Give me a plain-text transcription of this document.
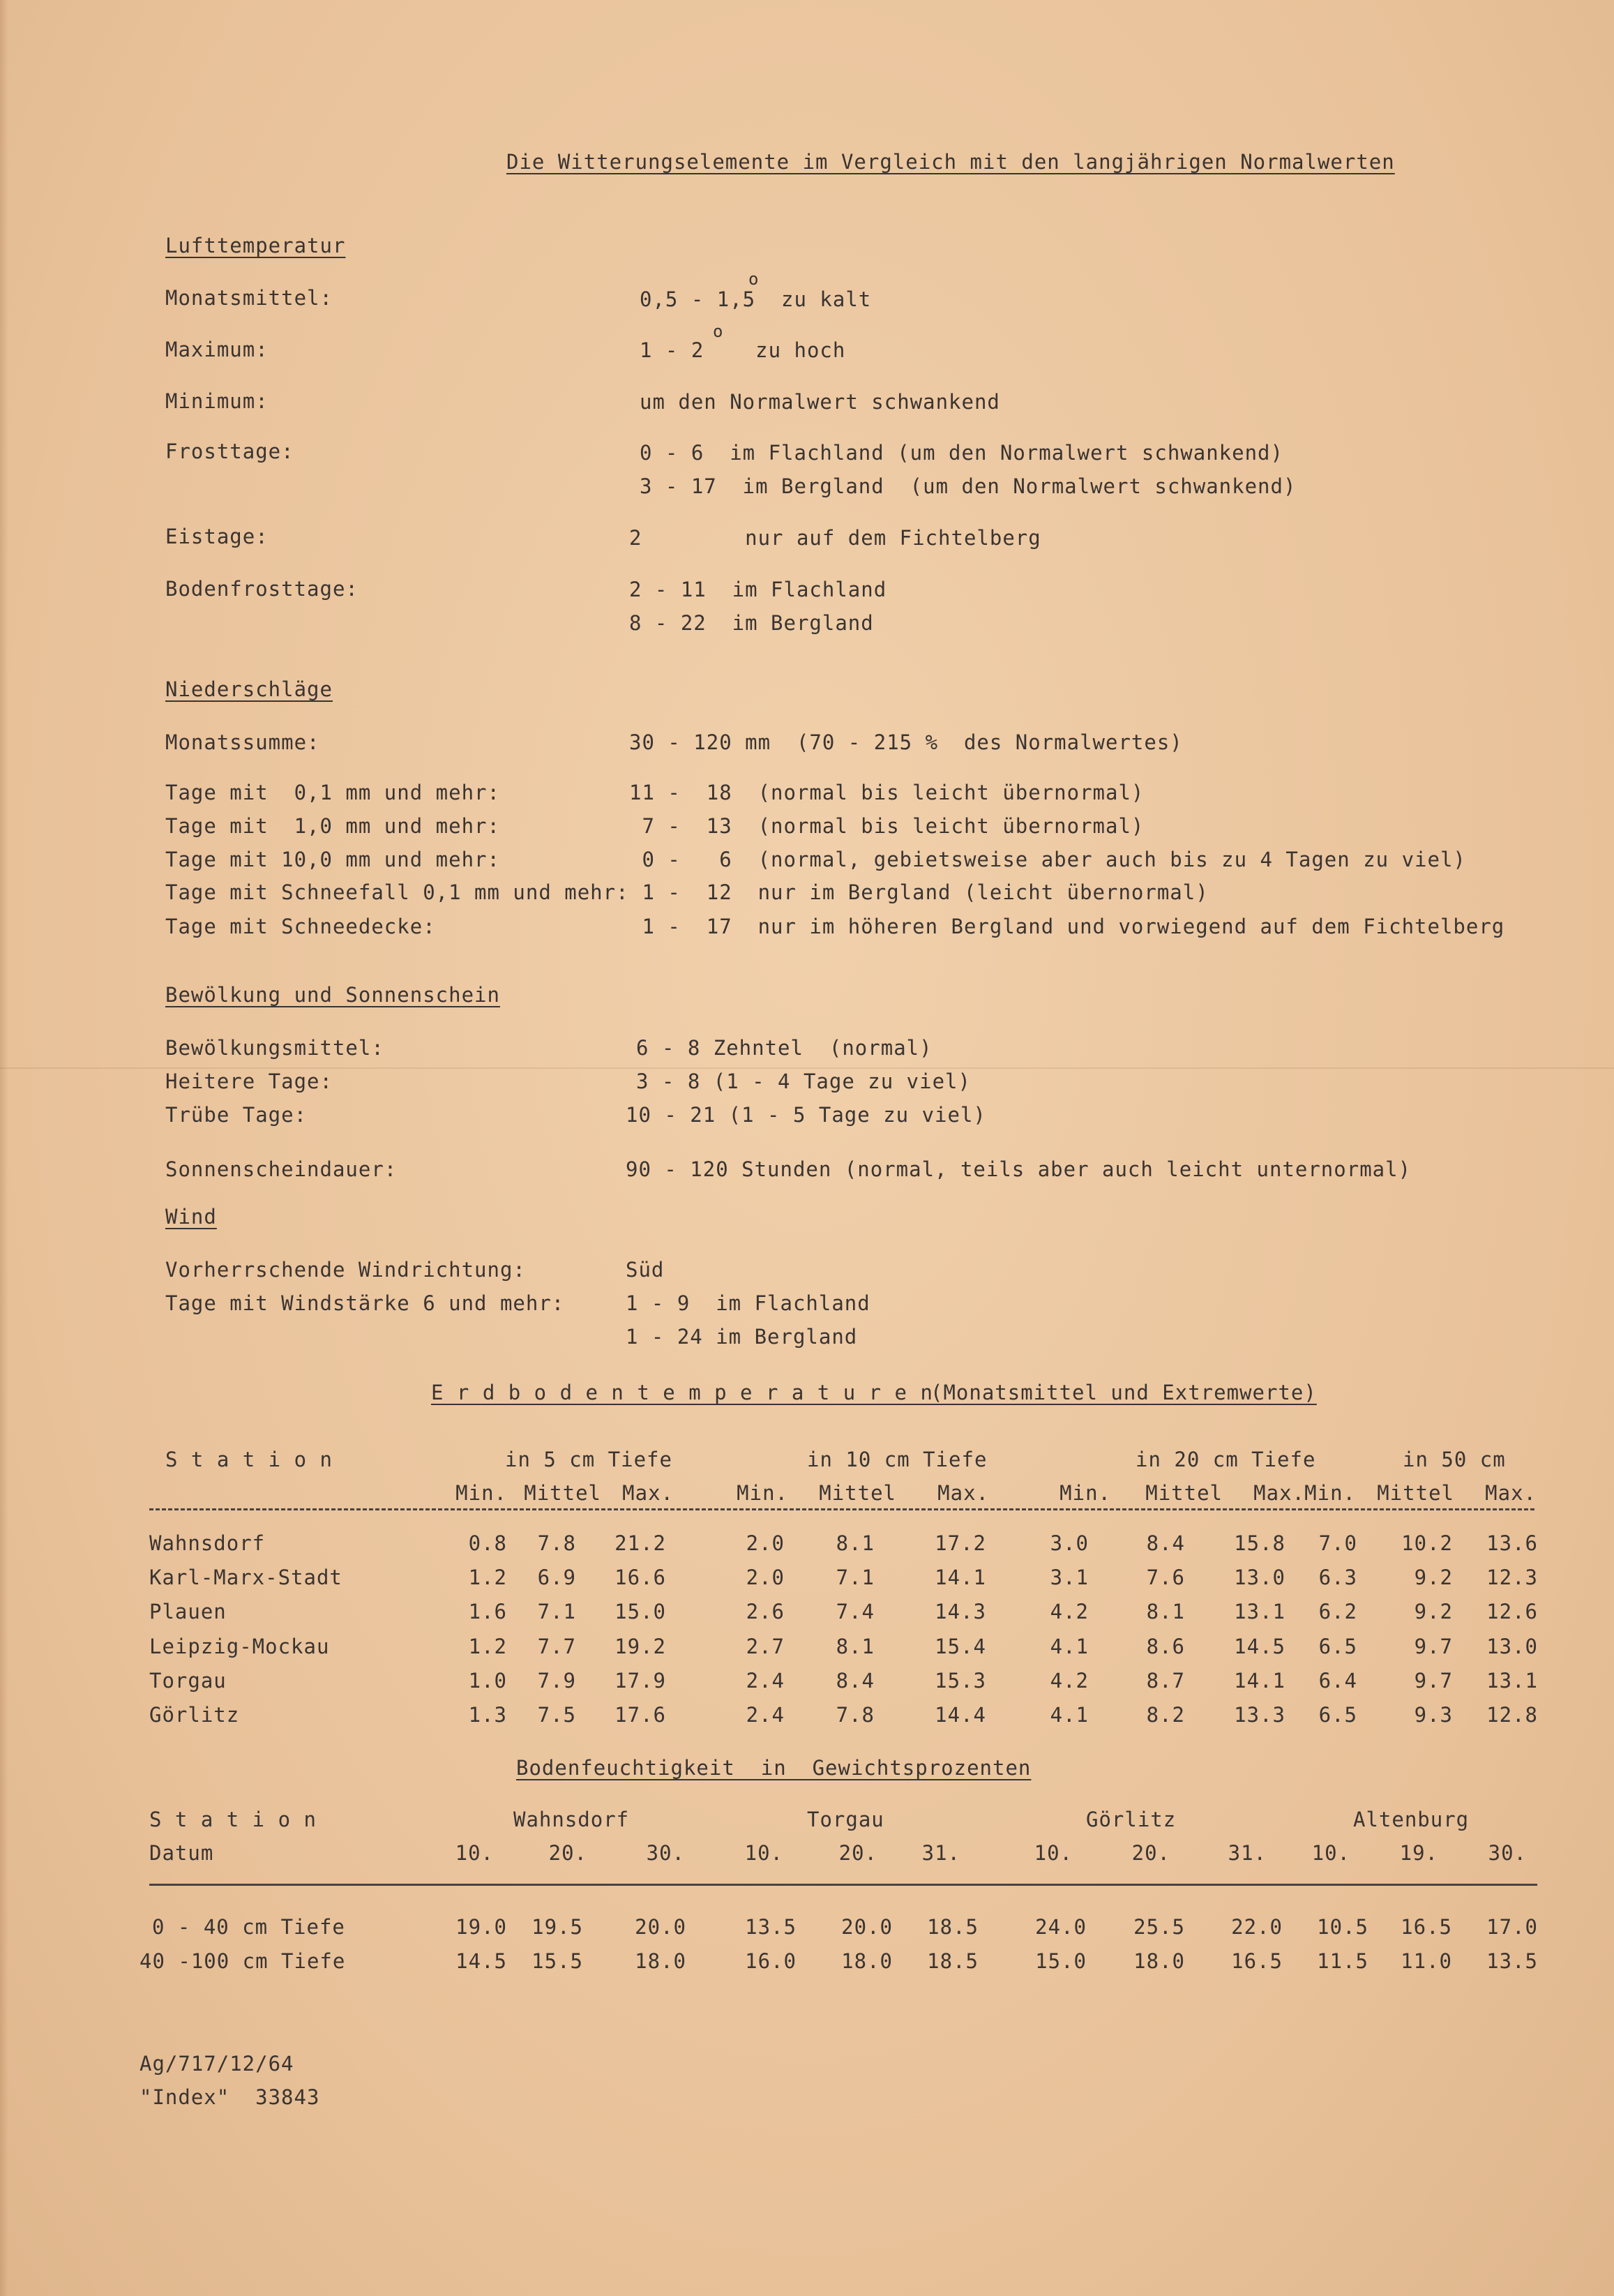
Die Witterungselemente im Vergleich mit den langjährigen Normalwerten
Lufttemperatur
Monatsmittel:	0,5 - 1,5  zu kalt
o
Maximum:	1 - 2    zu hoch
o
Minimum:	um den Normalwert schwankend
Frosttage:	0 - 6  im Flachland (um den Normalwert schwankend)
3 - 17  im Bergland  (um den Normalwert schwankend)
Eistage:	2        nur auf dem Fichtelberg
Bodenfrosttage:	2 - 11  im Flachland
8 - 22  im Bergland
Niederschläge
Monatssumme:	30 - 120 mm  (70 - 215 %  des Normalwertes)
Tage mit  0,1 mm und mehr:	11 -  18  (normal bis leicht übernormal)
Tage mit  1,0 mm und mehr:	7 -  13  (normal bis leicht übernormal)
Tage mit 10,0 mm und mehr:	0 -   6  (normal, gebietsweise aber auch bis zu 4 Tagen zu viel)
Tage mit Schneefall 0,1 mm und mehr: 1 -  12  nur im Bergland (leicht übernormal)
Tage mit Schneedecke:	1 -  17  nur im höheren Bergland und vorwiegend auf dem Fichtelberg
Bewölkung und Sonnenschein
Bewölkungsmittel:	6 - 8 Zehntel  (normal)
Heitere Tage:	3 - 8 (1 - 4 Tage zu viel)
Trübe Tage:	10 - 21 (1 - 5 Tage zu viel)
Sonnenscheindauer:	90 - 120 Stunden (normal, teils aber auch leicht unternormal)
Wind
Vorherrschende Windrichtung:	Süd
Tage mit Windstärke 6 und mehr:	1 - 9  im Flachland
1 - 24 im Bergland
E r d b o d e n t e m p e r a t u r e n
(Monatsmittel und Extremwerte)
S t a t i o n	in 5 cm Tiefe	in 10 cm Tiefe	in 20 cm Tiefe	in 50 cm
Min. Mittel	Max.	Min.	Mittel	Max.	Min.	Mittel	Max. Min.	Mittel	Max.
Wahnsdorf	0.8	7.8	21.2	2.0	8.1	17.2	3.0	8.4	15.8	7.0	10.2	13.6
Karl-Marx-Stadt	1.2	6.9	16.6	2.0	7.1	14.1	3.1	7.6	13.0	6.3	9.2	12.3
Plauen	1.6	7.1	15.0	2.6	7.4	14.3	4.2	8.1	13.1	6.2	9.2	12.6
Leipzig-Mockau	1.2	7.7	19.2	2.7	8.1	15.4	4.1	8.6	14.5	6.5	9.7	13.0
Torgau	1.0	7.9	17.9	2.4	8.4	15.3	4.2	8.7	14.1	6.4	9.7	13.1
Görlitz	1.3	7.5	17.6	2.4	7.8	14.4	4.1	8.2	13.3	6.5	9.3	12.8
Bodenfeuchtigkeit  in  Gewichtsprozenten
S t a t i o n	Wahnsdorf	Torgau	Görlitz	Altenburg
Datum	10.	20.	30.	10.	20.	31.	10.	20.	31.	10.	19.	30.
0 - 40 cm Tiefe	19.0	19.5	20.0	13.5	20.0	18.5	24.0	25.5	22.0	10.5	16.5	17.0
40 -100 cm Tiefe	14.5	15.5	18.0	16.0	18.0	18.5	15.0	18.0	16.5	11.5	11.0	13.5
Ag/717/12/64
"Index"  33843
